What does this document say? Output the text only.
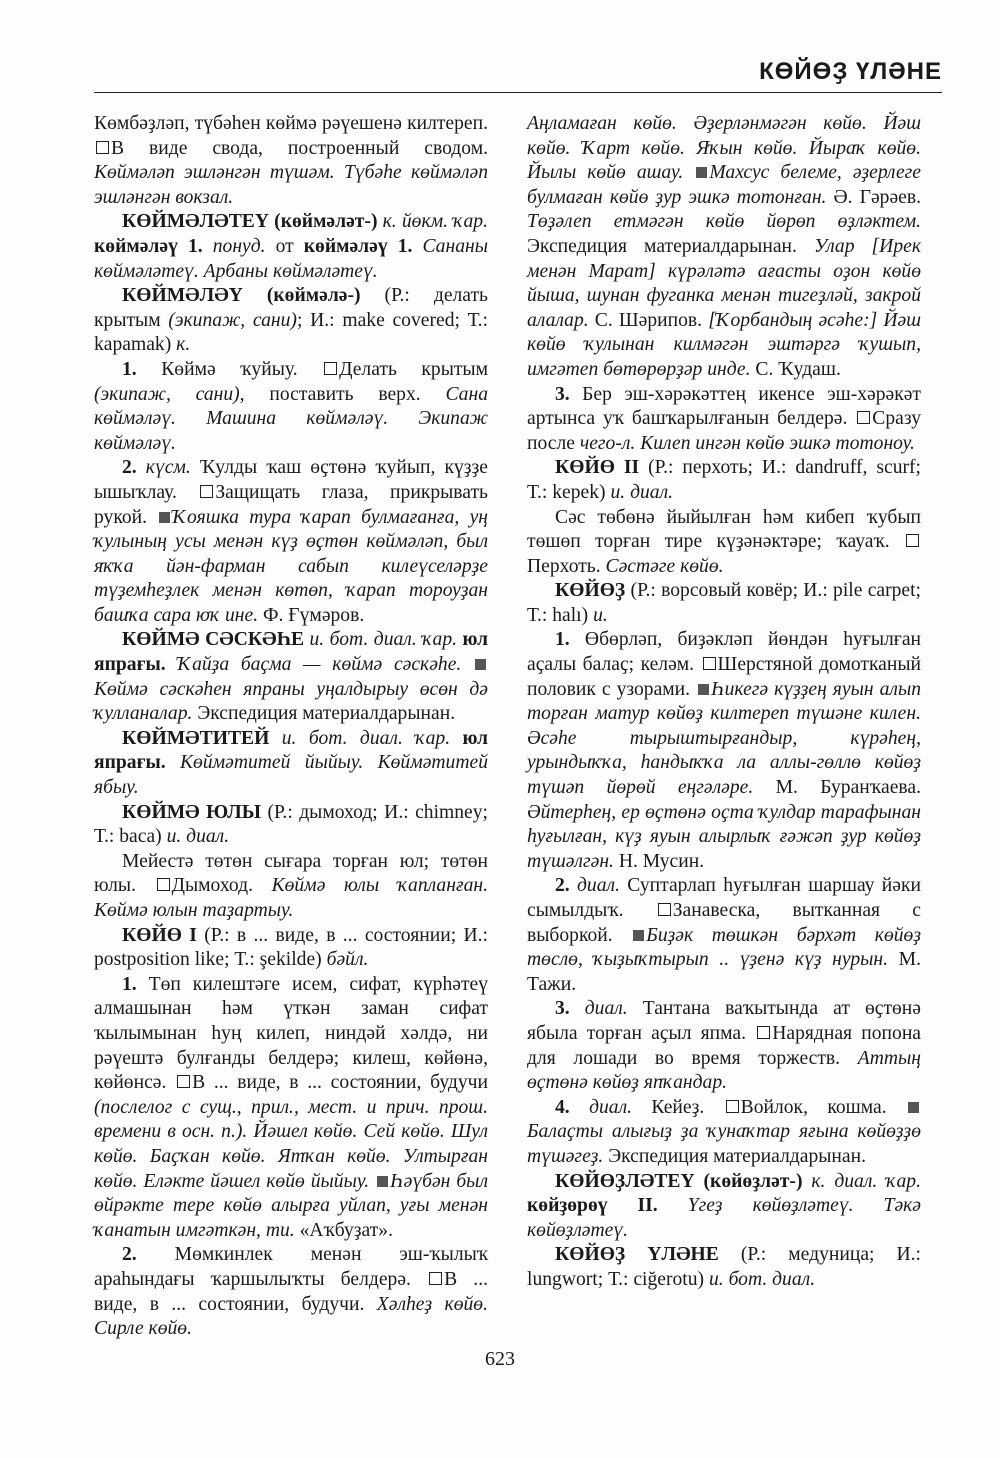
КӨЙӨҘ ҮЛӘНЕ

Көмбәҙләп, түбәһен көймә рәүешенә килтереп. В виде свода, построенный сводом. Көймәләп эшләнгән түшәм. Түбәһе көймәләп эшләнгән вокзал.

КӨЙМӘЛӘТЕҮ (көймәләт-) к. йөкм. ҡар. көймәләү 1. понуд. от көймәләү 1. Сананы көймәләтеү. Арбаны көймәләтеү.

КӨЙМӘЛӘҮ (көймәлә-) (Р.: делать крытым (экипаж, сани); И.: make covered; Т.: kapamak) к.

1. Көймә ҡуйыу. Делать крытым (экипаж, сани), поставить верх. Сана көймәләү. Машина көймәләү. Экипаж көймәләү.

2. күсм. Ҡулды ҡаш өҫтөнә ҡуйып, күҙҙе ышыҡлау. Защищать глаза, прикрывать рукой. Ҡояшка тура ҡарап булмағанға, уң ҡулының усы менән күҙ өҫтөн көймәләп, был яҡҡа йән-фарман сабып килеүселәрҙе түҙемһеҙлек менән көтөп, ҡарап тороуҙан башҡа сара юҡ ине. Ф. Ғүмәров.

КӨЙМӘ СӘСКӘҺЕ и. бот. диал. ҡар. юл япрағы. Ҡайҙа баҫма — көймә сәскәһе. Көймә сәскәһен япраны уңалдырыу өсөн дә ҡулланалар. Экспедиция материалдарынан.

КӨЙМӘТИТЕЙ и. бот. диал. ҡар. юл япрағы. Көймәтитей йыйыу. Көймәтитей ябыу.

КӨЙМӘ ЮЛЫ (Р.: дымоход; И.: chimney; Т.: baca) и. диал.

Мейестә төтөн сығара торған юл; төтөн юлы. Дымоход. Көймә юлы ҡапланған. Көймә юлын таҙартыу.

КӨЙӨ I (Р.: в ... виде, в ... состоянии; И.: postposition like; Т.: şekilde) бәйл.

1. Төп килештәге исем, сифат, күрһәтеү алмашынан һәм үткән заман сифат ҡылымынан һуң килеп, ниндәй хәлдә, ни рәүештә булғанды белдерә; килеш, көйөнә, көйөнсә. В ... виде, в ... состоянии, будучи (послелог с сущ., прил., мест. и прич. прош. времени в осн. п.). Йәшел көйө. Сей көйө. Шул көйө. Баҫҡан көйө. Ятҡан көйө. Ултырған көйө. Еләкте йәшел көйө йыйыу. Һәүбән был өйрәкте тере көйө алырға уйлап, уғы менән ҡанатын имгәткән, ти. «Аҡбуҙат».

2. Мөмкинлек менән эш-ҡылыҡ араһындағы ҡаршылыҡты белдерә. В ... виде, в ... состоянии, будучи. Хәлһеҙ көйө. Сирле көйө.

Аңламаған көйө. Әҙерләнмәгән көйө. Йәш көйө. Ҡарт көйө. Яҡын көйө. Йыраҡ көйө. Йылы көйө ашау. Махсус белеме, әҙерлеге булмаған көйө ҙур эшкә тотонған. Ә. Гәрәев. Төҙәлеп етмәгән көйө йөрөп өҙләктем. Экспедиция материалдарынан. Улар [Ирек менән Марат] күрәләтә ағасты оҙон көйө йыша, шунан фуганка менән тигеҙләй, закрой алалар. С. Шәрипов. [Ҡорбандың әсәһе:] Йәш көйө ҡулынан килмәгән эштәргә ҡушып, имгәтеп бөтөрөрҙәр инде. С. Ҡудаш.

3. Бер эш-хәрәкәттең икенсе эш-хәрәкәт артынса уҡ башҡарылғанын белдерә. Сразу после чего-л. Килеп ингән көйө эшкә тотоноу.

КӨЙӨ II (Р.: перхоть; И.: dandruff, scurf; Т.: kepek) и. диал.

Сәс төбөнә йыйылған һәм кибеп ҡубып төшөп торған тире күҙәнәктәре; ҡауаҡ. Перхоть. Сәстәге көйө.

КӨЙӨҘ (Р.: ворсовый ковёр; И.: pile carpet; Т.: halı) и.

1. Өбөрләп, биҙәкләп йөндән һуғылған аҫалы балаҫ; келәм. Шерстяной домотканый половик с узорами. Һикегә күҙҙең яуын алып торған матур көйөҙ килтереп түшәне килен. Әсәһе тырыштырғандыр, күрәһең, урындыҡҡа, һандыҡҡа ла аллы-гөллө көйөҙ түшәп йөрөй еңгәләре. М. Буранҡаева. Әйтерһең, ер өҫтөнә оҫта ҡулдар тарафынан һуғылған, күҙ яуын алырлыҡ ғәжәп ҙур көйөҙ түшәлгән. Н. Мусин.

2. диал. Суптарлап һуғылған шаршау йәки сымылдыҡ. Занавеска, вытканная с выборкой. Биҙәк төшкән бәрхәт көйөҙ төслө, ҡыҙыҡтырып .. үҙенә күҙ нурын. М. Тажи.

3. диал. Тантана ваҡытында ат өҫтөнә ябыла торған аҫыл япма. Нарядная попона для лошади во время торжеств. Аттың өҫтөнә көйөҙ япҡандар.

4. диал. Кейеҙ. Войлок, кошма. Балаҫты алығыҙ ҙа ҡунаҡтар яғына көйөҙҙө түшәгеҙ. Экспедиция материалдарынан.

КӨЙӨҘЛӘТЕҮ (көйөҙләт-) к. диал. ҡар. көйҙөрөү II. Үгеҙ көйөҙләтеү. Тәкә көйөҙләтеү.

КӨЙӨҘ ҮЛӘНЕ (Р.: медуница; И.: lungwort; Т.: ciğerotu) и. бот. диал.

623
